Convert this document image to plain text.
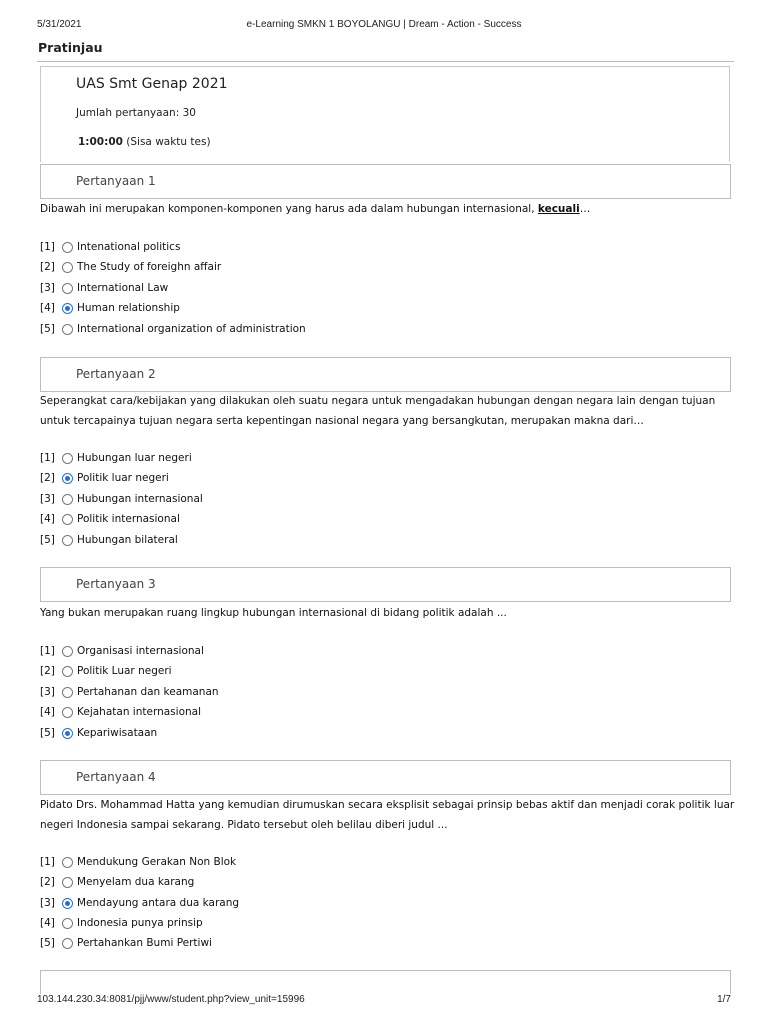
5/31/2021	e-Learning SMKN 1 BOYOLANGU | Dream - Action - Success
Pratinjau
UAS Smt Genap 2021
Jumlah pertanyaan: 30
1:00:00 (Sisa waktu tes)
Pertanyaan 1
Dibawah ini merupakan komponen-komponen yang harus ada dalam hubungan internasional, kecuali…
[1]	Intenational politics
[2]	The Study of foreighn affair
[3]	International Law
[4]	Human relationship
[5]	International organization of administration
Pertanyaan 2
Seperangkat cara/kebijakan yang dilakukan oleh suatu negara untuk mengadakan hubungan dengan negara lain dengan tujuan untuk tercapainya tujuan negara serta kepentingan nasional negara yang bersangkutan, merupakan makna dari…
[1]	Hubungan luar negeri
[2]	Politik luar negeri
[3]	Hubungan internasional
[4]	Politik internasional
[5]	Hubungan bilateral
Pertanyaan 3
Yang bukan merupakan ruang lingkup hubungan internasional di bidang politik adalah ...
[1]	Organisasi internasional
[2]	Politik Luar negeri
[3]	Pertahanan dan keamanan
[4]	Kejahatan internasional
[5]	Kepariwisataan
Pertanyaan 4
Pidato Drs. Mohammad Hatta yang kemudian dirumuskan secara eksplisit sebagai prinsip bebas aktif dan menjadi corak politik luar negeri Indonesia sampai sekarang. Pidato tersebut oleh belilau diberi judul ...
[1]	Mendukung Gerakan Non Blok
[2]	Menyelam dua karang
[3]	Mendayung antara dua karang
[4]	Indonesia punya prinsip
[5]	Pertahankan Bumi Pertiwi
103.144.230.34:8081/pjj/www/student.php?view_unit=15996	1/7
